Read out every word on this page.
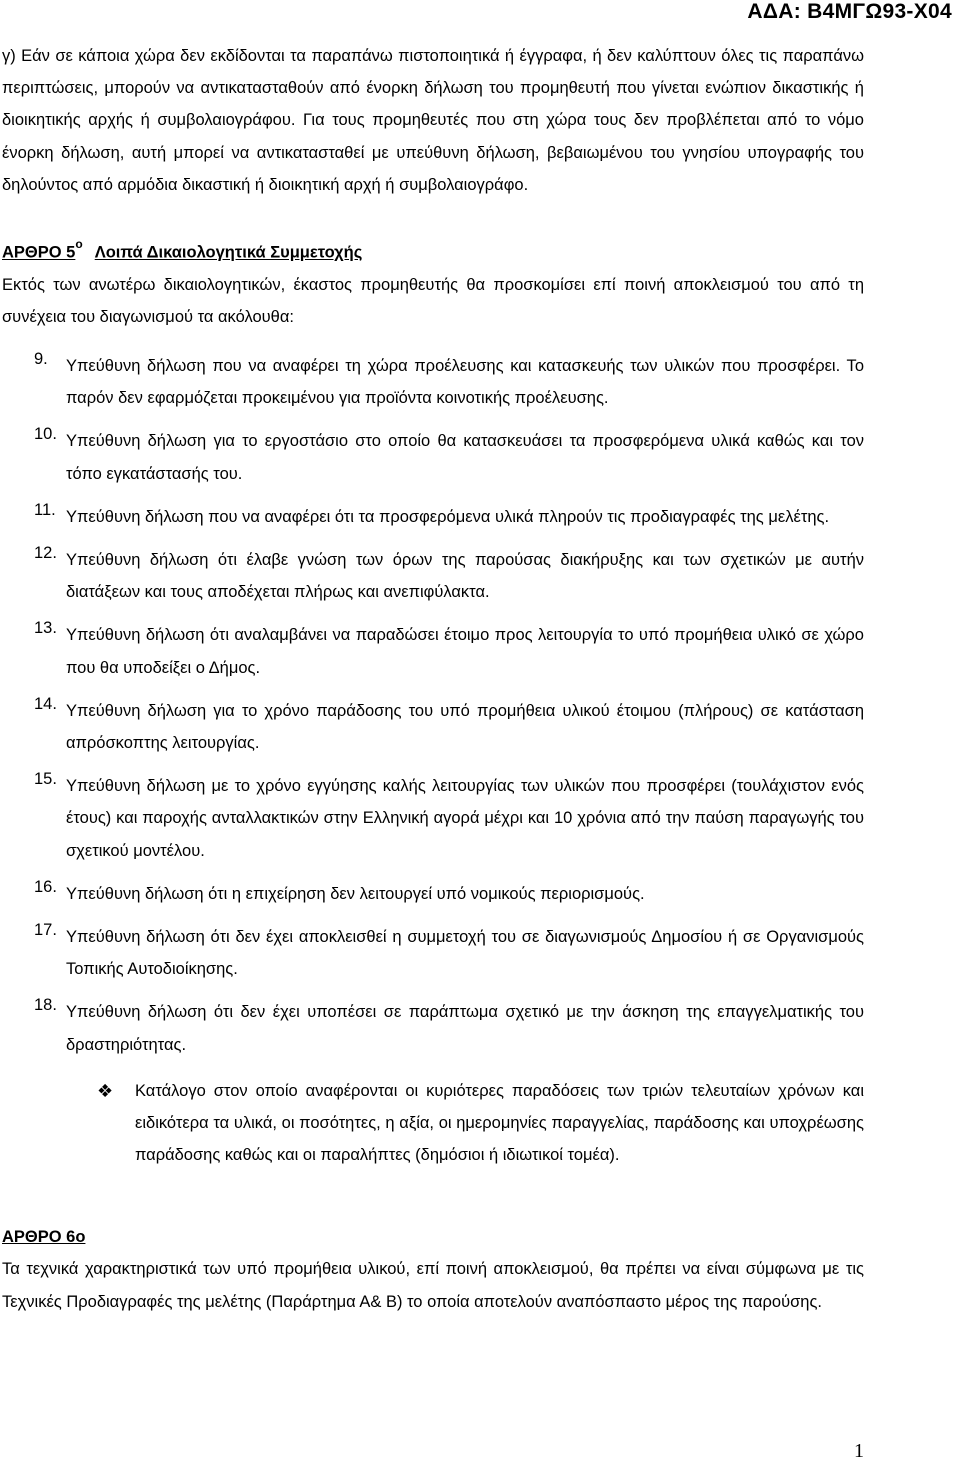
ΑΔΑ: Β4ΜΓΩ93-Χ04

γ) Εάν σε κάποια χώρα δεν εκδίδονται τα παραπάνω πιστοποιητικά ή έγγραφα, ή δεν καλύπτουν όλες τις παραπάνω περιπτώσεις, μπορούν να αντικατασταθούν από ένορκη δήλωση του προμηθευτή που γίνεται ενώπιον δικαστικής ή διοικητικής αρχής ή συμβολαιογράφου. Για τους προμηθευτές που στη χώρα τους δεν προβλέπεται από το νόμο ένορκη δήλωση, αυτή μπορεί να αντικατασταθεί με υπεύθυνη δήλωση, βεβαιωμένου του γνησίου υπογραφής του δηλούντος από αρμόδια δικαστική ή διοικητική αρχή ή συμβολαιογράφο.

ΑΡΘΡΟ $5^o$ Λοιπά Δικαιολογητικά Συμμετοχής

Εκτός των ανωτέρω δικαιολογητικών, έκαστος προμηθευτής θα προσκομίσει επί ποινή αποκλεισμού του από τη συνέχεια του διαγωνισμού τα ακόλουθα:

9. Υπεύθυνη δήλωση που να αναφέρει τη χώρα προέλευσης και κατασκευής των υλικών που προσφέρει. Το παρόν δεν εφαρμόζεται προκειμένου για προϊόντα κοινοτικής προέλευσης.
10. Υπεύθυνη δήλωση για το εργοστάσιο στο οποίο θα κατασκευάσει τα προσφερόμενα υλικά καθώς και τον τόπο εγκατάστασής του.
11. Υπεύθυνη δήλωση που να αναφέρει ότι τα προσφερόμενα υλικά πληρούν τις προδιαγραφές της μελέτης.
12. Υπεύθυνη δήλωση ότι έλαβε γνώση των όρων της παρούσας διακήρυξης και των σχετικών με αυτήν διατάξεων και τους αποδέχεται πλήρως και ανεπιφύλακτα.
13. Υπεύθυνη δήλωση ότι αναλαμβάνει να παραδώσει έτοιμο προς λειτουργία το υπό προμήθεια υλικό σε χώρο που θα υποδείξει ο Δήμος.
14. Υπεύθυνη δήλωση για το χρόνο παράδοσης του υπό προμήθεια υλικού έτοιμου (πλήρους) σε κατάσταση απρόσκοπτης λειτουργίας.
15. Υπεύθυνη δήλωση με το χρόνο εγγύησης καλής λειτουργίας των υλικών που προσφέρει (τουλάχιστον ενός έτους) και παροχής ανταλλακτικών στην Ελληνική αγορά μέχρι και 10 χρόνια από την παύση παραγωγής του σχετικού μοντέλου.
16. Υπεύθυνη δήλωση ότι η επιχείρηση δεν λειτουργεί υπό νομικούς περιορισμούς.
17. Υπεύθυνη δήλωση ότι δεν έχει αποκλεισθεί η συμμετοχή του σε διαγωνισμούς Δημοσίου ή σε Οργανισμούς Τοπικής Αυτοδιοίκησης.
18. Υπεύθυνη δήλωση ότι δεν έχει υποπέσει σε παράπτωμα σχετικό με την άσκηση της επαγγελματικής του δραστηριότητας.
❖ Κατάλογο στον οποίο αναφέρονται οι κυριότερες παραδόσεις των τριών τελευταίων χρόνων και ειδικότερα τα υλικά, οι ποσότητες, η αξία, οι ημερομηνίες παραγγελίας, παράδοσης και υποχρέωσης παράδοσης καθώς και οι παραλήπτες (δημόσιοι ή ιδιωτικοί τομέα).
ΑΡΘΡΟ 6ο

Τα τεχνικά χαρακτηριστικά των υπό προμήθεια υλικού, επί ποινή αποκλεισμού, θα πρέπει να είναι σύμφωνα με τις Τεχνικές Προδιαγραφές της μελέτης (Παράρτημα Α& Β) το οποία αποτελούν αναπόσπαστο μέρος της παρούσης.

1
